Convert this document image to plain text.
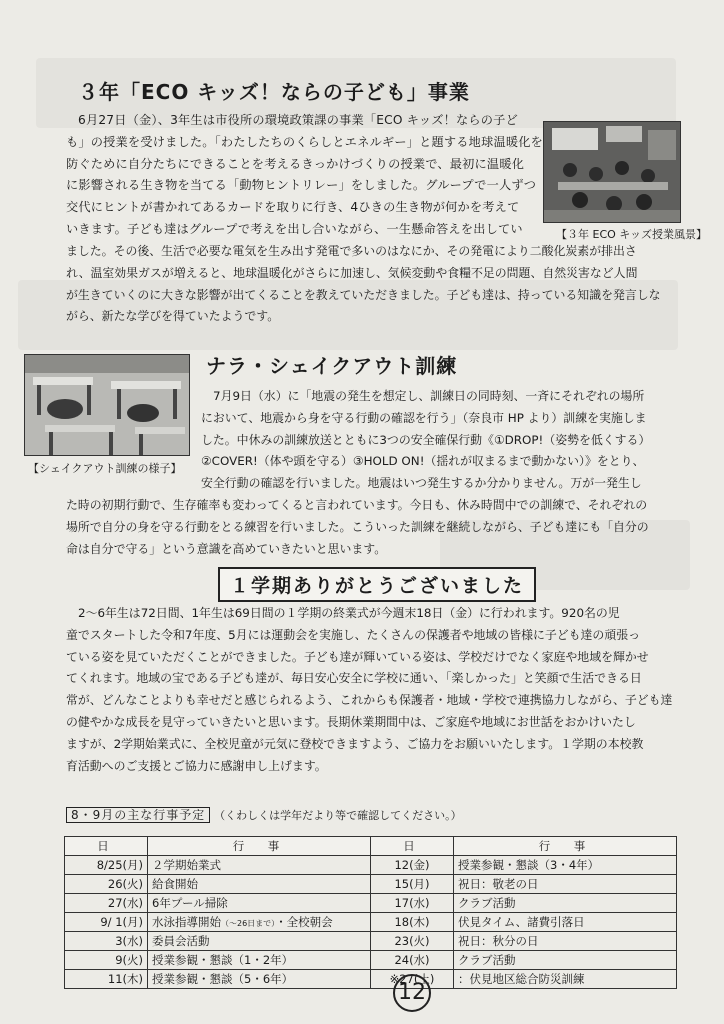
３年「ECO キッズ！ならの子ども」事業
【３年 ECO キッズ授業風景】
6月27日（金）、3年生は市役所の環境政策課の事業「ECO キッズ！ならの子ど
も」の授業を受けました。「わたしたちのくらしとエネルギー」と題する地球温暖化を
防ぐために自分たちにできることを考えるきっかけづくりの授業で、最初に温暖化
に影響される生き物を当てる「動物ヒントリレー」をしました。グループで一人ずつ
交代にヒントが書かれてあるカードを取りに行き、4ひきの生き物が何かを考えて
いきます。子ども達はグループで考えを出し合いながら、一生懸命答えを出してい
ました。その後、生活で必要な電気を生み出す発電で多いのはなにか、その発電により二酸化炭素が排出さ
れ、温室効果ガスが増えると、地球温暖化がさらに加速し、気候変動や食糧不足の問題、自然災害など人間
が生きていくのに大きな影響が出てくることを教えていただきました。子ども達は、持っている知識を発言しな
がら、新たな学びを得ていたようです。
【シェイクアウト訓練の様子】
ナラ・シェイクアウト訓練
7月9日（水）に「地震の発生を想定し、訓練日の同時刻、一斉にそれぞれの場所
において、地震から身を守る行動の確認を行う」（奈良市 HP より）訓練を実施しま
した。中休みの訓練放送とともに3つの安全確保行動《①DROP!（姿勢を低くする）
②COVER!（体や頭を守る）③HOLD ON!（揺れが収まるまで動かない）》をとり、
安全行動の確認を行いました。地震はいつ発生するか分かりません。万が一発生し
た時の初期行動で、生存確率も変わってくると言われています。今日も、休み時間中での訓練で、それぞれの
場所で自分の身を守る行動をとる練習を行いました。こういった訓練を継続しながら、子ども達にも「自分の
命は自分で守る」という意識を高めていきたいと思います。
１学期ありがとうございました
2～6年生は72日間、1年生は69日間の１学期の終業式が今週末18日（金）に行われます。920名の児
童でスタートした令和7年度、5月には運動会を実施し、たくさんの保護者や地域の皆様に子ども達の頑張っ
ている姿を見ていただくことができました。子ども達が輝いている姿は、学校だけでなく家庭や地域を輝かせ
てくれます。地域の宝である子ども達が、毎日安心安全に学校に通い、「楽しかった」と笑顔で生活できる日
常が、どんなことよりも幸せだと感じられるよう、これからも保護者・地域・学校で連携協力しながら、子ども達
の健やかな成長を見守っていきたいと思います。長期休業期間中は、ご家庭や地域にお世話をおかけいたし
ますが、2学期始業式に、全校児童が元気に登校できますよう、ご協力をお願いいたします。１学期の本校教
育活動へのご支援とご協力に感謝申し上げます。
8・9月の主な行事予定 （くわしくは学年だより等で確認してください。）
日	行　事	日	行　事
8/25(月)	２学期始業式	12(金)	授業参観・懇談（3・4年）
26(火)	給食開始	15(月)	祝日：敬老の日
27(水)	6年プール掃除	17(水)	クラブ活動
9/ 1(月)	水泳指導開始（～26日まで）・全校朝会	18(木)	伏見タイム、諸費引落日
3(水)	委員会活動	23(火)	祝日：秋分の日
9(火)	授業参観・懇談（1・2年）	24(水)	クラブ活動
11(木)	授業参観・懇談（5・6年）	※27(土)	：伏見地区総合防災訓練
12
